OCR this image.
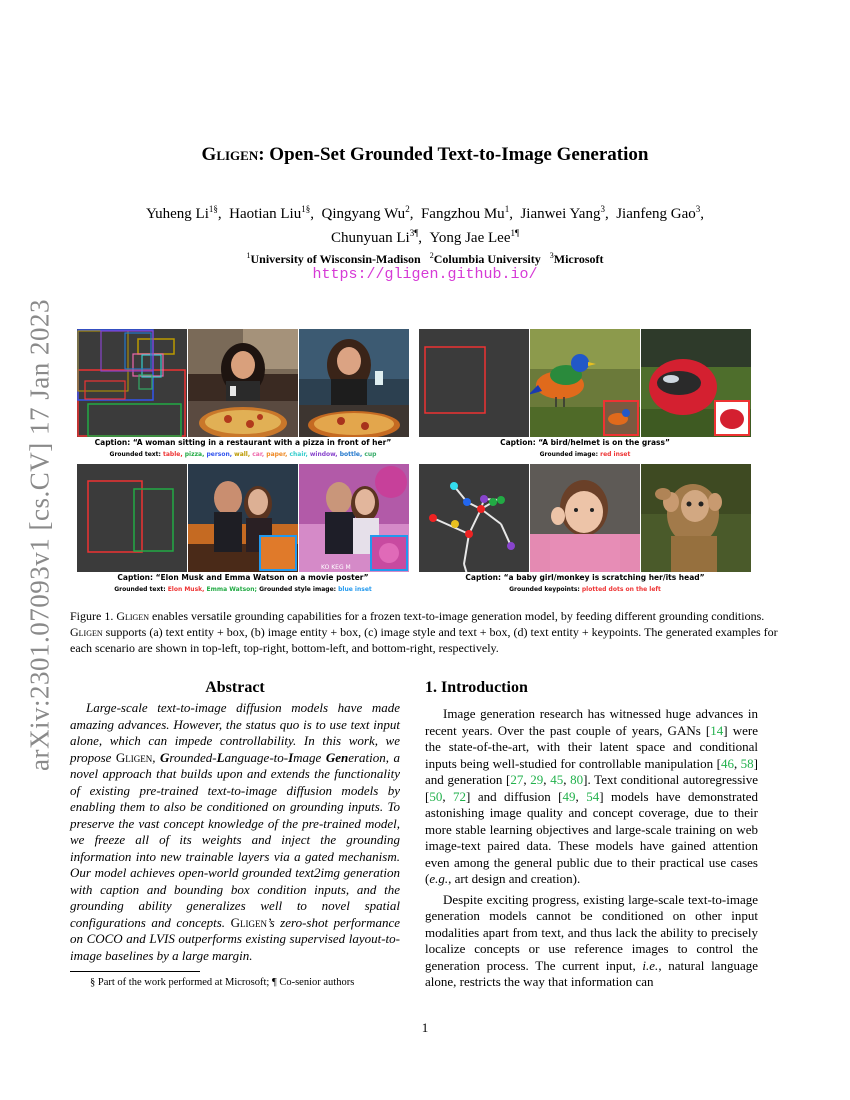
arXiv:2301.07093v1 [cs.CV] 17 Jan 2023
Gligen: Open-Set Grounded Text-to-Image Generation
Yuheng $Li^{1\S}$,  Haotian Liu$^{1\S}$,  Qingyang Wu$^2$,  Fangzhou Mu$^1$,  Jianwei Yang$^3$,  Jianfeng Gao$^3$,
Chunyuan $Li^{3\P}$,  Yong Jae Lee$^{1\P}$
$^1$University of Wisconsin-Madison $^2$Columbia University $^3$Microsoft
https://gligen.github.io/
Caption: “A woman sitting in a restaurant with a pizza in front of her”
Grounded text: table, pizza, person, wall, car, paper, chair, window, bottle, cup
Caption: “A bird/helmet is on the grass”
Grounded image: red inset
KO KEG M
Caption: “Elon Musk and Emma Watson on a movie poster”
Grounded text: Elon Musk, Emma Watson; Grounded style image: blue inset
Caption: “a baby girl/monkey is scratching her/its head”
Grounded keypoints: plotted dots on the left
Figure 1. Gligen enables versatile grounding capabilities for a frozen text-to-image generation model, by feeding different grounding conditions. Gligen supports (a) text entity + box, (b) image entity + box, (c) image style and text + box, (d) text entity + keypoints. The generated examples for each scenario are shown in top-left, top-right, bottom-left, and bottom-right, respectively.
Abstract
Large-scale text-to-image diffusion models have made amazing advances. However, the status quo is to use text input alone, which can impede controllability. In this work, we propose Gligen, Grounded-Language-to-Image Generation, a novel approach that builds upon and extends the functionality of existing pre-trained text-to-image diffusion models by enabling them to also be conditioned on grounding inputs. To preserve the vast concept knowledge of the pre-trained model, we freeze all of its weights and inject the grounding information into new trainable layers via a gated mechanism. Our model achieves open-world grounded text2img generation with caption and bounding box condition inputs, and the grounding ability generalizes well to novel spatial configurations and concepts. Gligen’s zero-shot performance on COCO and LVIS outperforms existing supervised layout-to-image baselines by a large margin.
§ Part of the work performed at Microsoft; ¶ Co-senior authors
1. Introduction

Image generation research has witnessed huge advances in recent years. Over the past couple of years, GANs [14] were the state-of-the-art, with their latent space and conditional inputs being well-studied for controllable manipulation [46, 58] and generation [27, 29, 45, 80]. Text conditional autoregressive [50, 72] and diffusion [49, 54] models have demonstrated astonishing image quality and concept coverage, due to their more stable learning objectives and large-scale training on web image-text paired data. These models have gained attention even among the general public due to their practical use cases (e.g., art design and creation).

Despite exciting progress, existing large-scale text-to-image generation models cannot be conditioned on other input modalities apart from text, and thus lack the ability to precisely localize concepts or use reference images to control the generation process. The current input, i.e., natural language alone, restricts the way that information can

1
